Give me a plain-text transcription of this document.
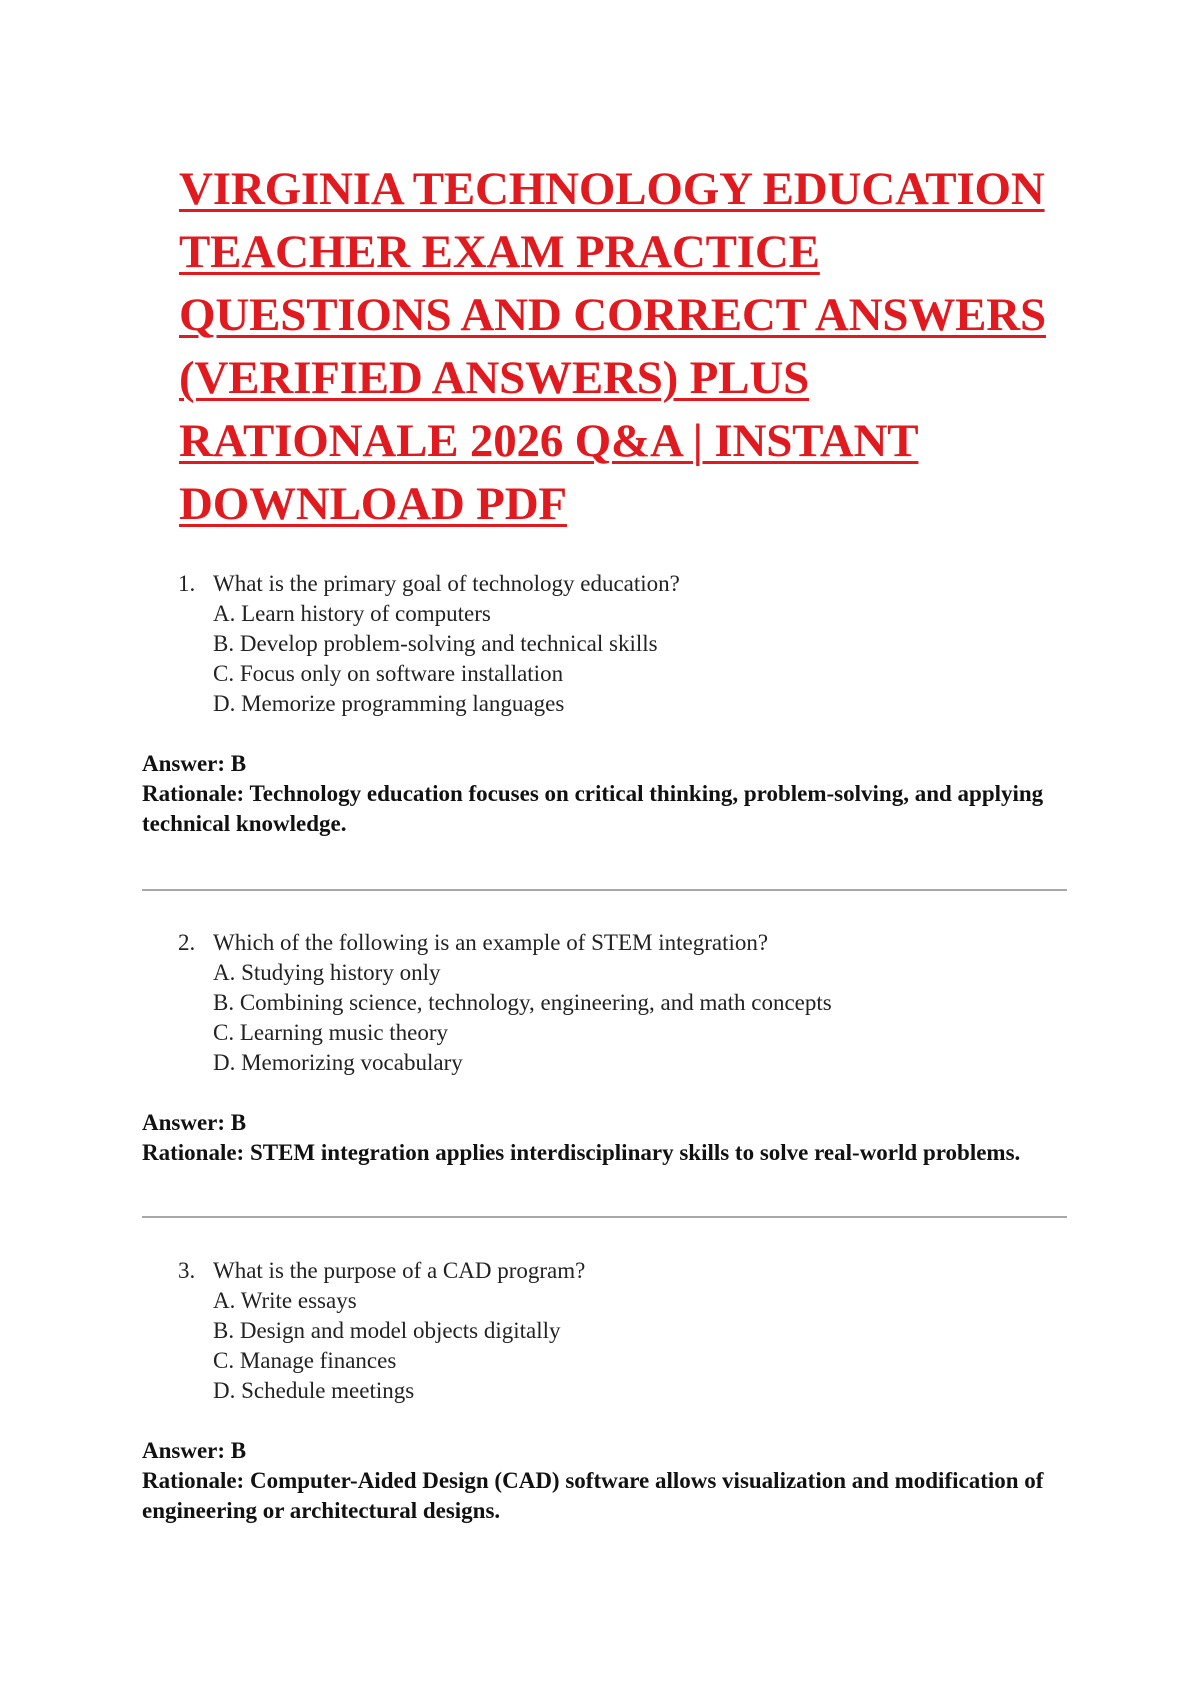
VIRGINIA TECHNOLOGY EDUCATION TEACHER EXAM PRACTICE QUESTIONS AND CORRECT ANSWERS (VERIFIED ANSWERS) PLUS RATIONALE 2026 Q&A | INSTANT DOWNLOAD PDF
1. What is the primary goal of technology education?
A. Learn history of computers
B. Develop problem-solving and technical skills
C. Focus only on software installation
D. Memorize programming languages
Answer: B
Rationale: Technology education focuses on critical thinking, problem-solving, and applying technical knowledge.
2. Which of the following is an example of STEM integration?
A. Studying history only
B. Combining science, technology, engineering, and math concepts
C. Learning music theory
D. Memorizing vocabulary
Answer: B
Rationale: STEM integration applies interdisciplinary skills to solve real-world problems.
3. What is the purpose of a CAD program?
A. Write essays
B. Design and model objects digitally
C. Manage finances
D. Schedule meetings
Answer: B
Rationale: Computer-Aided Design (CAD) software allows visualization and modification of engineering or architectural designs.
